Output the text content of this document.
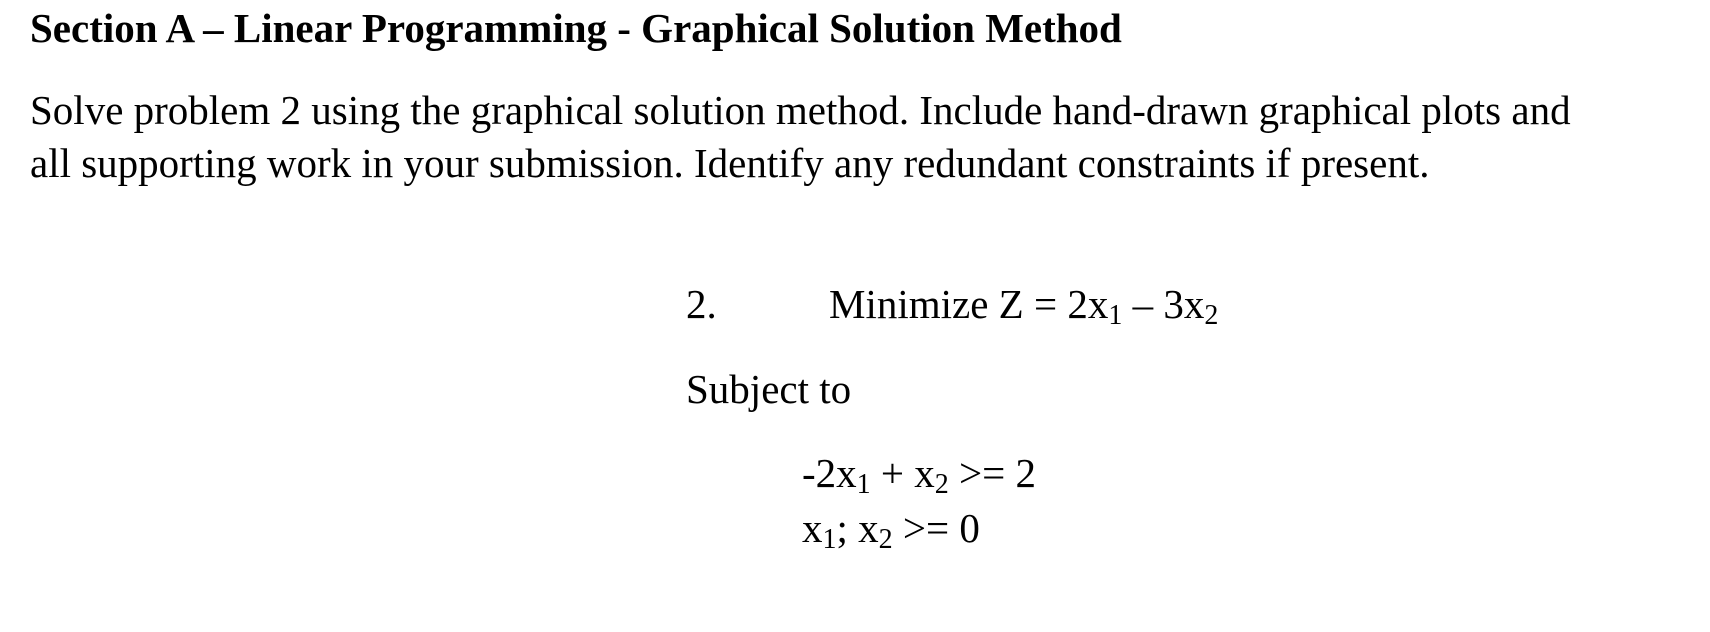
Section A – Linear Programming - Graphical Solution Method

Solve problem 2 using the graphical solution method. Include hand-drawn graphical plots and

all supporting work in your submission. Identify any redundant constraints if present.

2.	Minimize Z = 2x1 – 3x2
Subject to
-2x1 + x2 >= 2
x1; x2 >= 0
